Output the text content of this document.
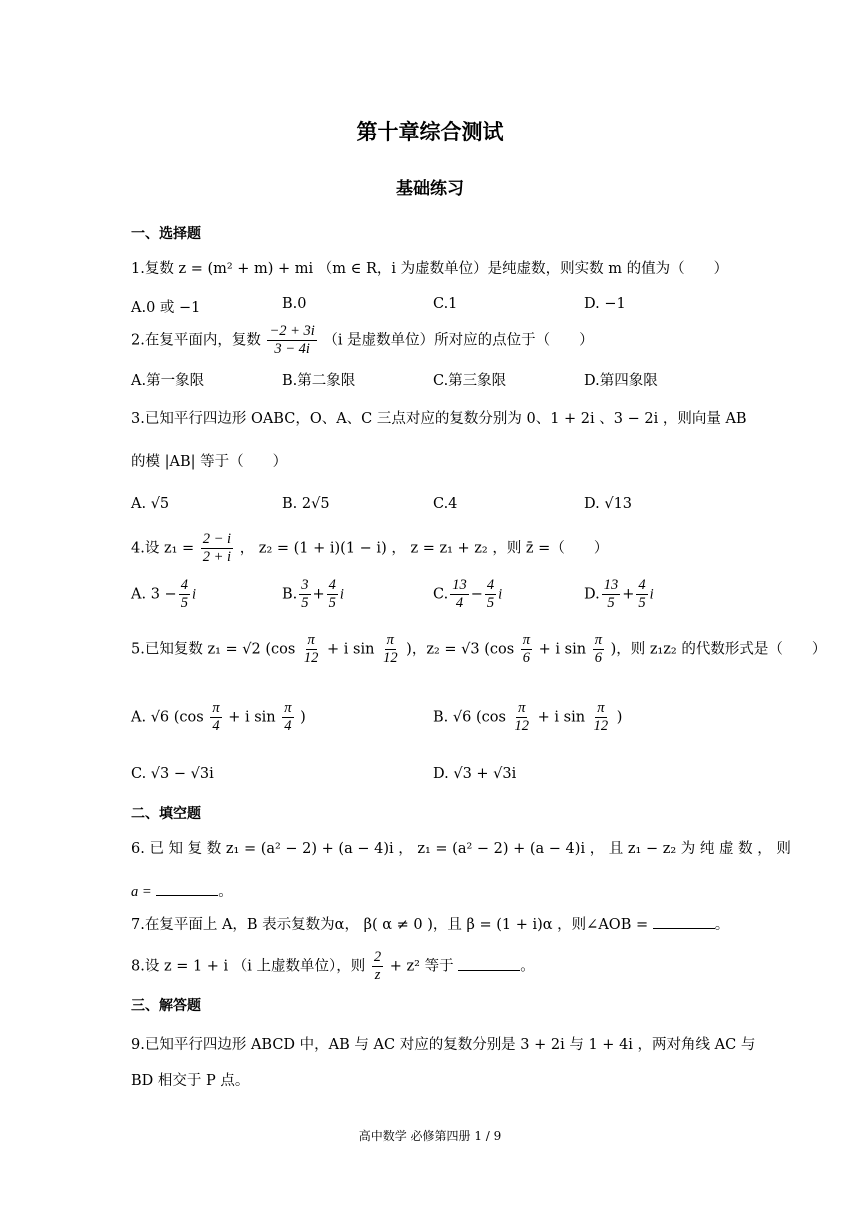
第十章综合测试
基础练习
一、选择题
1.复数 z = (m² + m) + mi （m ∈ R，i 为虚数单位）是纯虚数，则实数 m 的值为（　　）
A.0 或 −1	B.0	C.1	D. −1
2.在复平面内，复数 $\frac{-2 + 3i}{3 - 4i} (i$ 是虚数单位）所对应的点位于（　　）
A.第一象限	B.第二象限	C.第三象限	D.第四象限
3.已知平行四边形 OABC，O、A、C 三点对应的复数分别为 0、1 + 2i 、3 − 2i ，则向量 AB
的模 |AB| 等于（　　）
A. √5	B. 2√5	C.4	D. √13
4.设 $z_1 = \frac{2 - i}{2 + i}$ ， z₂ = (1 + i)(1 − i) ， z = z₁ + z₂ ，则 z̄ =（　　）
A. $3 - \frac{4}{5}$ i	B. $\frac{3}{5} + \frac{4}{5}$ i	C. $\frac{13}{4} - \frac{4}{5}$ i	D. $\frac{13}{5} + \frac{4}{5}$ i
5.已知复数 z₁ = √2 ($\cos \frac{\pi}{12} + i$ $\sin \frac{\pi}{12}$ )，z₂ = √3 ($\cos \frac{\pi}{6} + i$ $\sin \frac{\pi}{6}$ )，则 z₁z₂ 的代数形式是（　　）
A. √6 ($\cos \frac{\pi}{4} + i$ $\sin \frac{\pi}{4}$ )	B. √6 ($\cos \frac{\pi}{12} + i$ $\sin \frac{\pi}{12}$ )
C. √3 − √3i	D. √3 + √3i
二、填空题
6. 已 知 复 数 z₁ = (a² − 2) + (a − 4)i ， z₁ = (a² − 2) + (a − 4)i ， 且 z₁ − z₂ 为 纯 虚 数 ， 则
a =	。
7.在复平面上 A，B 表示复数为α， β( α ≠ 0 )，且 β = (1 + i)α ，则∠AOB =	。
8.设 z = 1 + i （i 上虚数单位），则 $\frac{2}{z} + z^2$ 等于	。
三、解答题
9.已知平行四边形 ABCD 中，AB 与 AC 对应的复数分别是 3 + 2i 与 1 + 4i ，两对角线 AC 与
BD 相交于 P 点。
高中数学 必修第四册 1 / 9
